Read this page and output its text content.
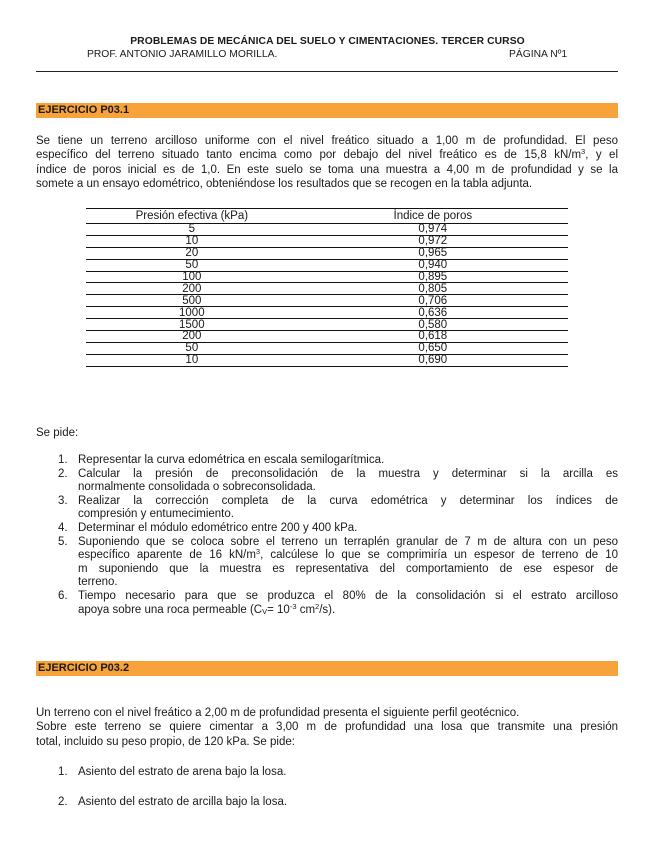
PROBLEMAS DE MECÁNICA DEL SUELO Y CIMENTACIONES. TERCER CURSO
PROF. ANTONIO JARAMILLO MORILLA.	PÁGINA Nº1
EJERCICIO P03.1
Se tiene un terreno arcilloso uniforme con el nivel freático situado a 1,00 m de profundidad. El peso
específico del terreno situado tanto encima como por debajo del nivel freático es de 15,8 $kN/m^3$, y el
índice de poros inicial es de 1,0. En este suelo se toma una muestra a 4,00 m de profundidad y se la
somete a un ensayo edométrico, obteniéndose los resultados que se recogen en la tabla adjunta.
Presión efectiva (kPa)	Índice de poros
5	0,974
10	0,972
20	0,965
50	0,940
100	0,895
200	0,805
500	0,706
1000	0,636
1500	0,580
200	0,618
50	0,650
10	0,690
Se pide:
1. Representar la curva edométrica en escala semilogarítmica.
2. Calcular la presión de preconsolidación de la muestra y determinar si la arcilla es
normalmente consolidada o sobreconsolidada.
3. Realizar la corrección completa de la curva edométrica y determinar los índices de
compresión y entumecimiento.
4. Determinar el módulo edométrico entre 200 y 400 kPa.
5. Suponiendo que se coloca sobre el terreno un terraplén granular de 7 m de altura con un peso
específico aparente de 16 $kN/m^3$, calcúlese lo que se comprimiría un espesor de terreno de 10
m suponiendo que la muestra es representativa del comportamiento de ese espesor de
terreno.
6. Tiempo necesario para que se produzca el 80% de la consolidación si el estrato arcilloso
apoya sobre una roca permeable ($C_V= 10^{-3}$ $cm^2/s$).
EJERCICIO P03.2
Un terreno con el nivel freático a 2,00 m de profundidad presenta el siguiente perfil geotécnico.
Sobre este terreno se quiere cimentar a 3,00 m de profundidad una losa que transmite una presión
total, incluido su peso propio, de 120 kPa. Se pide:
1. Asiento del estrato de arena bajo la losa.
2. Asiento del estrato de arcilla bajo la losa.
